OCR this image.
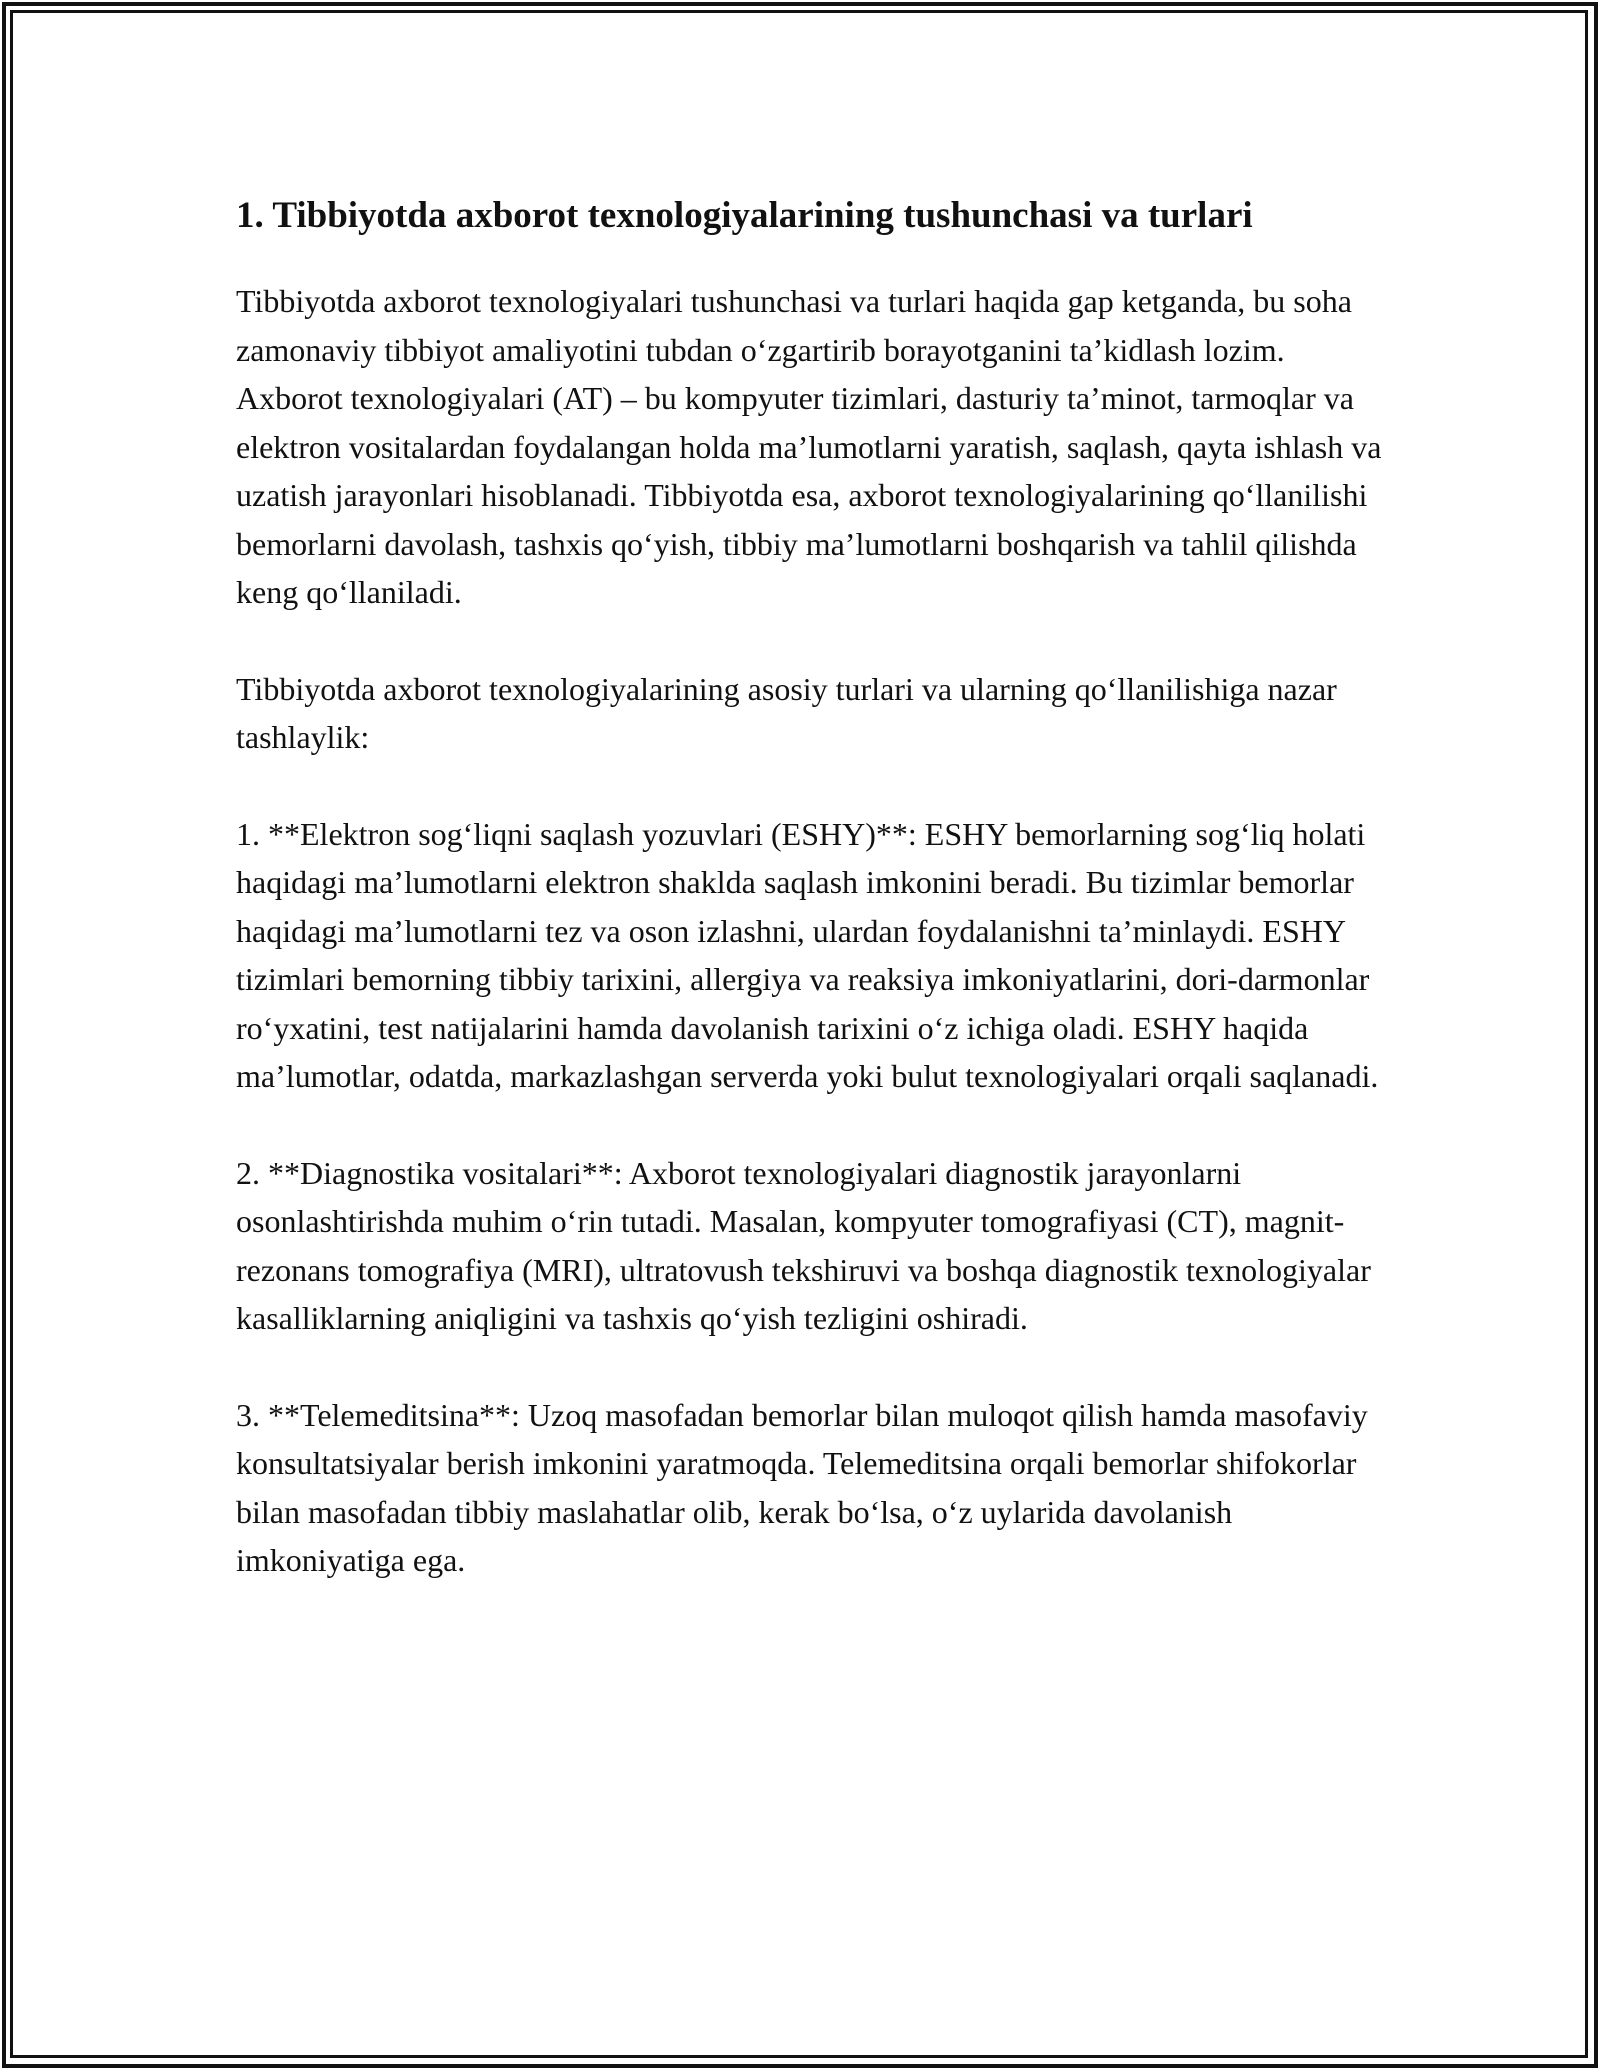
1. Tibbiyotda axborot texnologiyalarining tushunchasi va turlari

Tibbiyotda axborot texnologiyalari tushunchasi va turlari haqida gap ketganda, bu soha zamonaviy tibbiyot amaliyotini tubdan o‘zgartirib borayotganini ta’kidlash lozim. Axborot texnologiyalari (AT) – bu kompyuter tizimlari, dasturiy ta’minot, tarmoqlar va elektron vositalardan foydalangan holda ma’lumotlarni yaratish, saqlash, qayta ishlash va uzatish jarayonlari hisoblanadi. Tibbiyotda esa, axborot texnologiyalarining qo‘llanilishi bemorlarni davolash, tashxis qo‘yish, tibbiy ma’lumotlarni boshqarish va tahlil qilishda keng qo‘llaniladi.

Tibbiyotda axborot texnologiyalarining asosiy turlari va ularning qo‘llanilishiga nazar tashlaylik:

1. **Elektron sog‘liqni saqlash yozuvlari (ESHY)**: ESHY bemorlarning sog‘liq holati haqidagi ma’lumotlarni elektron shaklda saqlash imkonini beradi. Bu tizimlar bemorlar haqidagi ma’lumotlarni tez va oson izlashni, ulardan foydalanishni ta’minlaydi. ESHY tizimlari bemorning tibbiy tarixini, allergiya va reaksiya imkoniyatlarini, dori-darmonlar ro‘yxatini, test natijalarini hamda davolanish tarixini o‘z ichiga oladi. ESHY haqida ma’lumotlar, odatda, markazlashgan serverda yoki bulut texnologiyalari orqali saqlanadi.

2. **Diagnostika vositalari**: Axborot texnologiyalari diagnostik jarayonlarni osonlashtirishda muhim o‘rin tutadi. Masalan, kompyuter tomografiyasi (CT), magnit-rezonans tomografiya (MRI), ultratovush tekshiruvi va boshqa diagnostik texnologiyalar kasalliklarning aniqligini va tashxis qo‘yish tezligini oshiradi.

3. **Telemeditsina**: Uzoq masofadan bemorlar bilan muloqot qilish hamda masofaviy konsultatsiyalar berish imkonini yaratmoqda. Telemeditsina orqali bemorlar shifokorlar bilan masofadan tibbiy maslahatlar olib, kerak bo‘lsa, o‘z uylarida davolanish imkoniyatiga ega.
